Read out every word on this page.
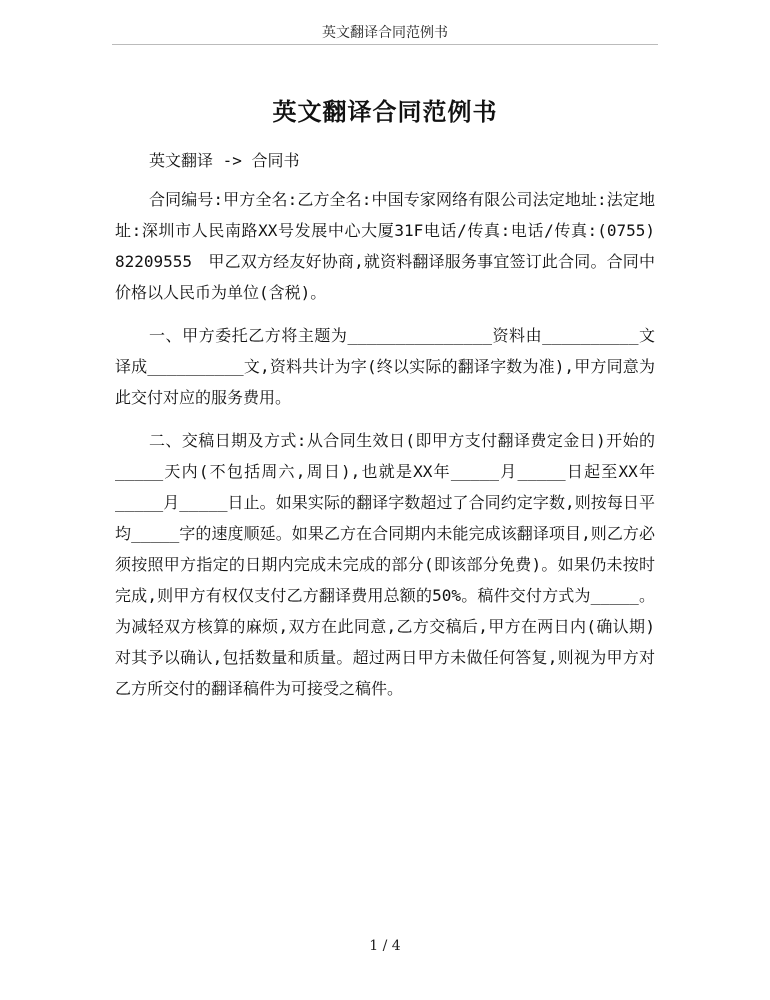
英文翻译合同范例书
英文翻译合同范例书

英文翻译 -> 合同书

合同编号:甲方全名:乙方全名:中国专家网络有限公司法定地址:法定地址:深圳市人民南路XX号发展中心大厦31F电话/传真:电话/传真:(0755)　82209555　甲乙双方经友好协商,就资料翻译服务事宜签订此合同。合同中价格以人民币为单位(含税)。

一、甲方委托乙方将主题为_______________资料由__________文译成__________文,资料共计为字(终以实际的翻译字数为准),甲方同意为此交付对应的服务费用。

二、交稿日期及方式:从合同生效日(即甲方支付翻译费定金日)开始的_____天内(不包括周六,周日),也就是XX年_____月_____日起至XX年_____月_____日止。如果实际的翻译字数超过了合同约定字数,则按每日平均_____字的速度顺延。如果乙方在合同期内未能完成该翻译项目,则乙方必须按照甲方指定的日期内完成未完成的部分(即该部分免费)。如果仍未按时完成,则甲方有权仅支付乙方翻译费用总额的50%。稿件交付方式为_____。为减轻双方核算的麻烦,双方在此同意,乙方交稿后,甲方在两日内(确认期)对其予以确认,包括数量和质量。超过两日甲方未做任何答复,则视为甲方对乙方所交付的翻译稿件为可接受之稿件。

1 / 4
